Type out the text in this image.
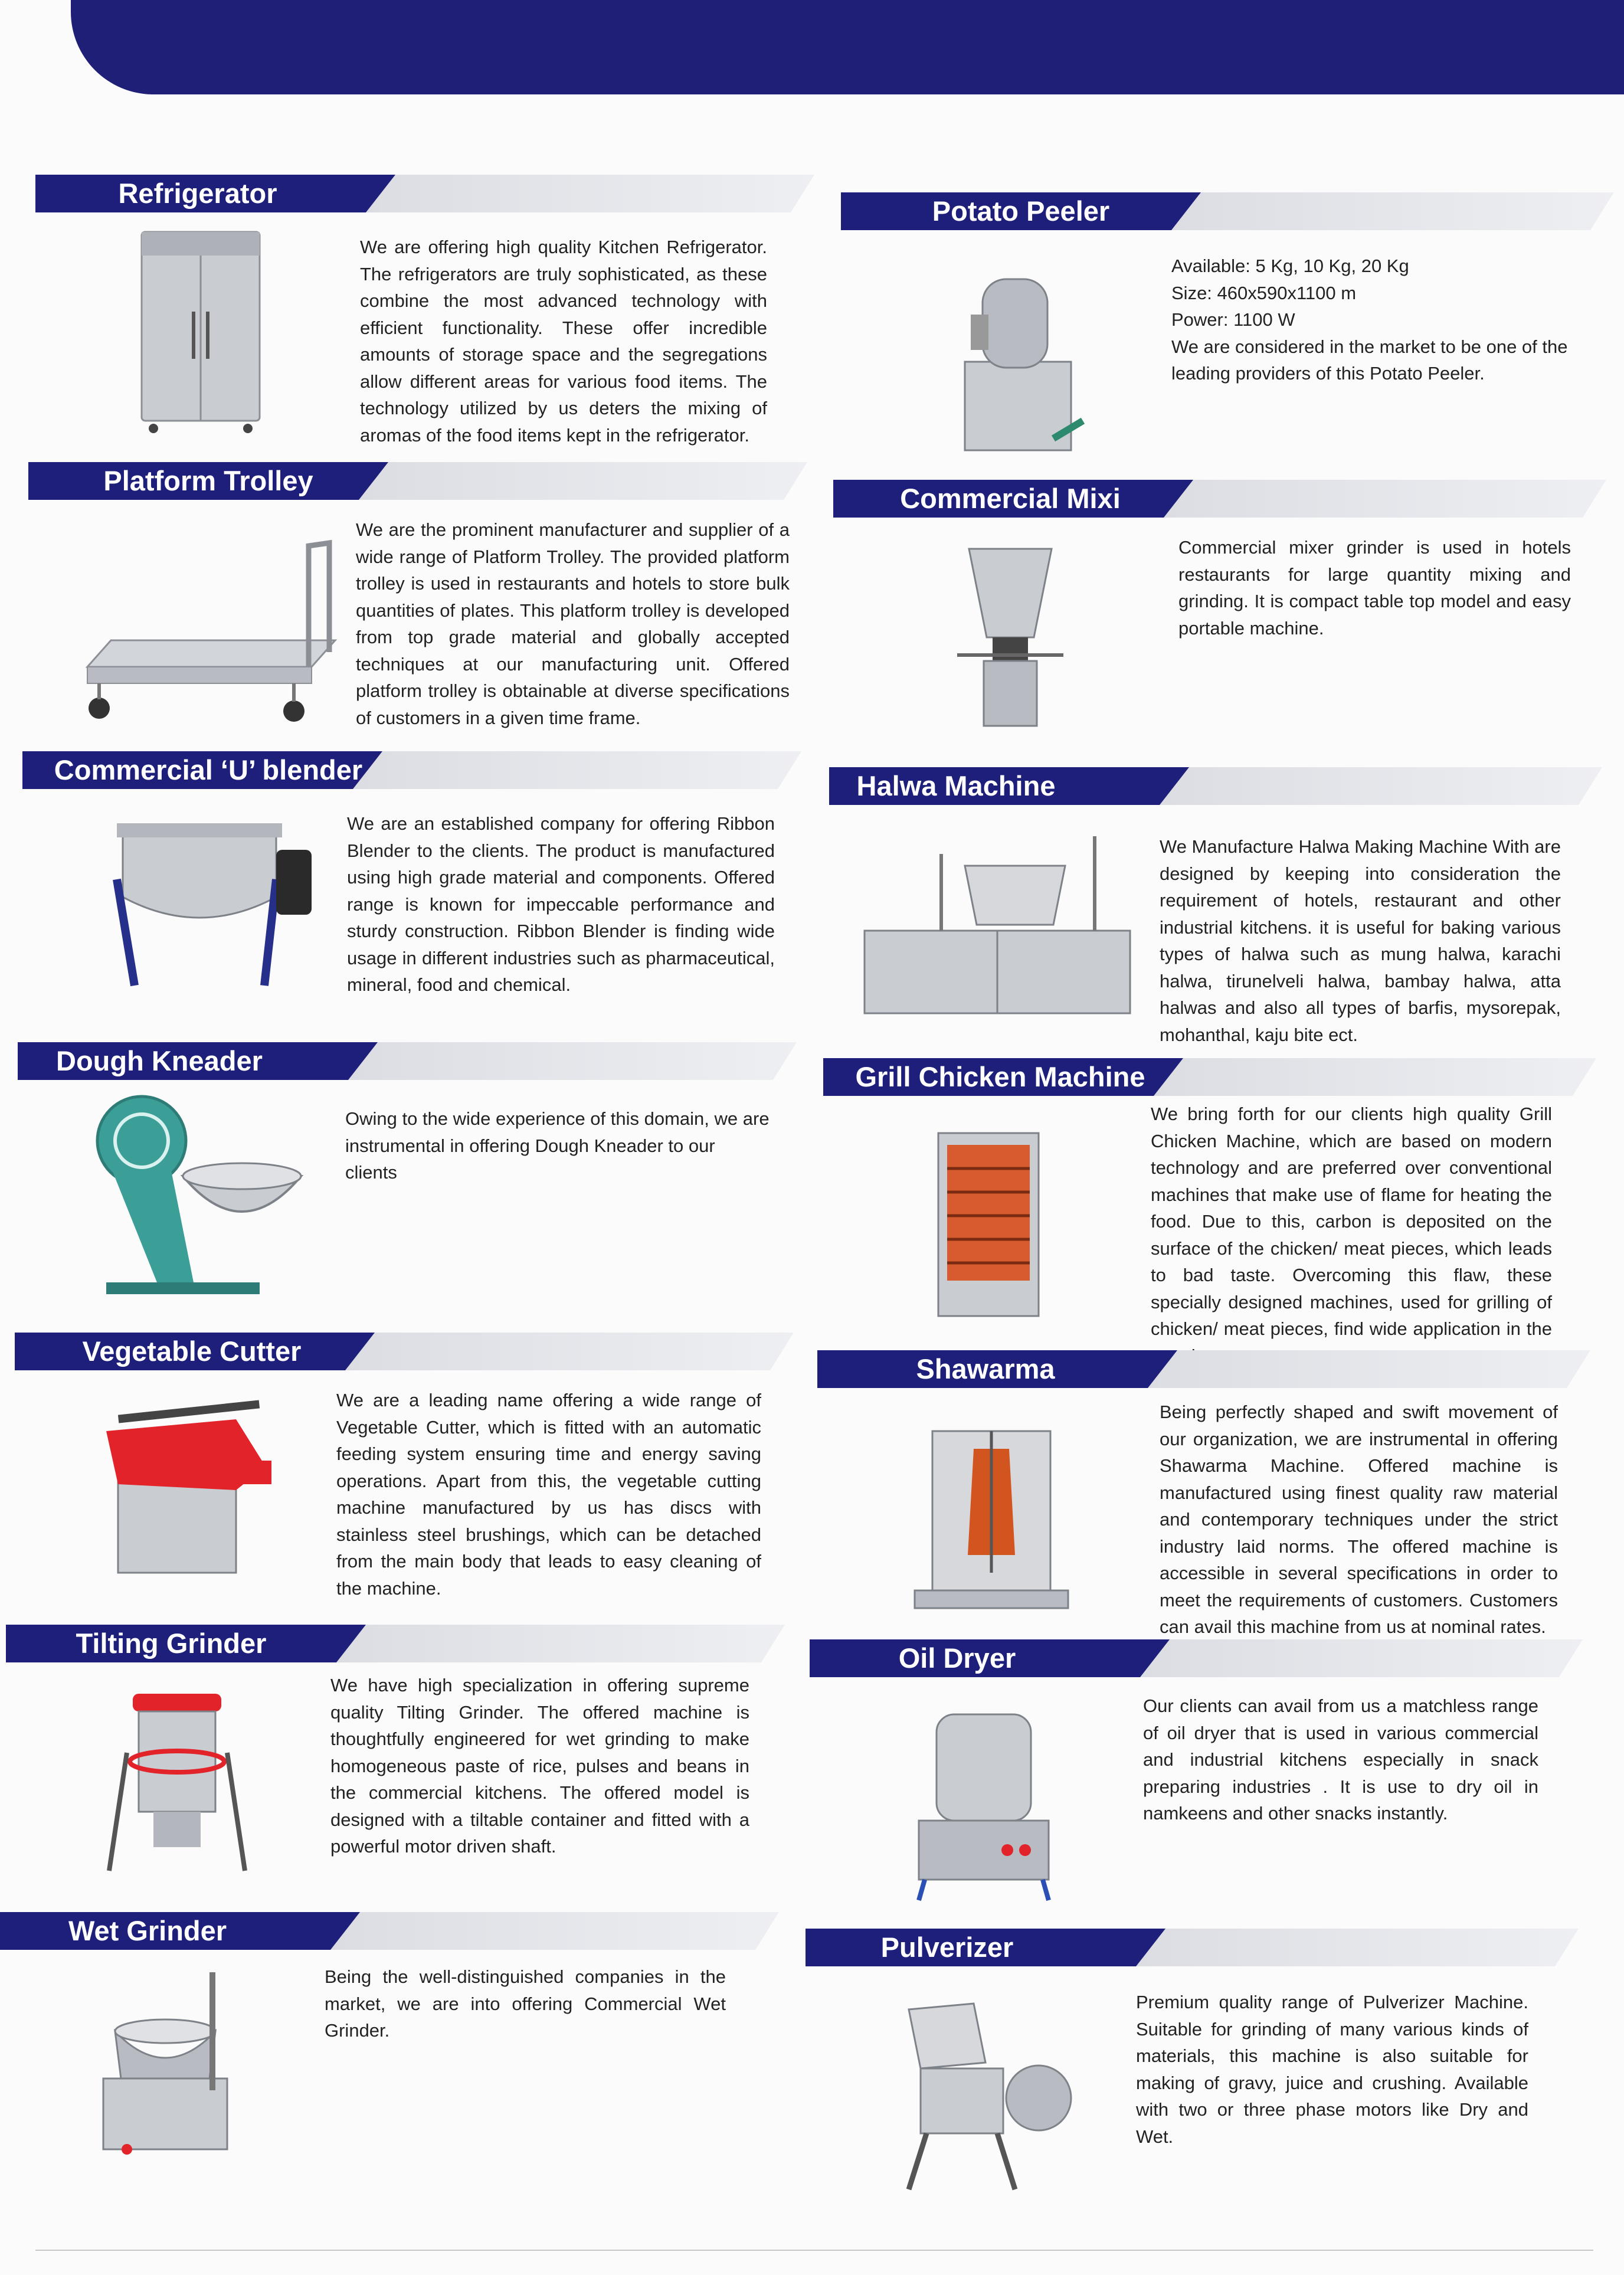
Refrigerator
We are offering high quality Kitchen Refrigerator. The refrigerators are truly sophisticated, as these combine the most advanced technology with efficient functionality. These offer incredible amounts of storage space and the segregations allow different areas for various food items. The technology utilized by us deters the mixing of aromas of the food items kept in the refrigerator.
Platform Trolley
We are the prominent manufacturer and supplier of a wide range of Platform Trolley. The provided platform trolley is used in restaurants and hotels to store bulk quantities of plates. This platform trolley is developed from top grade material and globally accepted techniques at our manufacturing unit. Offered platform trolley is obtainable at diverse specifications of customers in a given time frame.
Commercial ‘U’ blender
We are an established company for offering Ribbon Blender to the clients. The product is manufactured using high grade material and components. Offered range is known for impeccable performance and sturdy construction. Ribbon Blender is finding wide usage in different industries such as pharmaceutical, mineral, food and chemical.
Dough Kneader
Owing to the wide experience of this domain, we are instrumental in offering Dough Kneader to our clients
Vegetable Cutter
We are a leading name offering a wide range of Vegetable Cutter, which is fitted with an automatic feeding system ensuring time and energy saving operations. Apart from this, the vegetable cutting machine manufactured by us has discs with stainless steel brushings, which can be detached from the main body that leads to easy cleaning of the machine.
Tilting Grinder
We have high specialization in offering supreme quality Tilting Grinder. The offered machine is thoughtfully engineered for wet grinding to make homogeneous paste of rice, pulses and beans in the commercial kitchens. The offered model is designed with a tiltable container and fitted with a powerful motor driven shaft.
Wet Grinder
Being the well-distinguished companies in the market, we are into offering Commercial Wet Grinder.
Potato Peeler
Available: 5 Kg, 10 Kg, 20 Kg
Size: 460x590x1100 m
Power: 1100 W
We are considered in the market to be one of the leading providers of this Potato Peeler.
Commercial Mixi
Commercial mixer grinder is used in hotels restaurants for large quantity mixing and grinding. It is compact table top model and easy portable machine.
Halwa Machine
We Manufacture Halwa Making Machine With are designed by keeping into consideration the requirement of hotels, restaurant and other industrial kitchens. it is useful for baking various types of halwa such as mung halwa, karachi halwa, tirunelveli halwa, bambay halwa, atta halwas and also all types of barfis, mysorepak, mohanthal, kaju bite ect.
Grill Chicken Machine
We bring forth for our clients high quality Grill Chicken Machine, which are based on modern technology and are preferred over conventional machines that make use of flame for heating the food. Due to this, carbon is deposited on the surface of the chicken/ meat pieces, which leads to bad taste. Overcoming this flaw, these specially designed machines, used for grilling of chicken/ meat pieces, find wide application in the
Shawarma
Being perfectly shaped and swift movement of our organization, we are instrumental in offering Shawarma Machine. Offered machine is manufactured using finest quality raw material and contemporary techniques under the strict industry laid norms. The offered machine is accessible in several specifications in order to meet the requirements of customers. Customers can avail this machine from us at nominal rates.
Oil Dryer
Our clients can avail from us a matchless range of oil dryer that is used in various commercial and industrial kitchens especially in snack preparing industries . It is use to dry oil in namkeens and other snacks instantly.
Pulverizer
Premium quality range of Pulverizer Machine. Suitable for grinding of many various kinds of materials, this machine is also suitable for making of gravy, juice and crushing. Available with two or three phase motors like Dry and Wet.
